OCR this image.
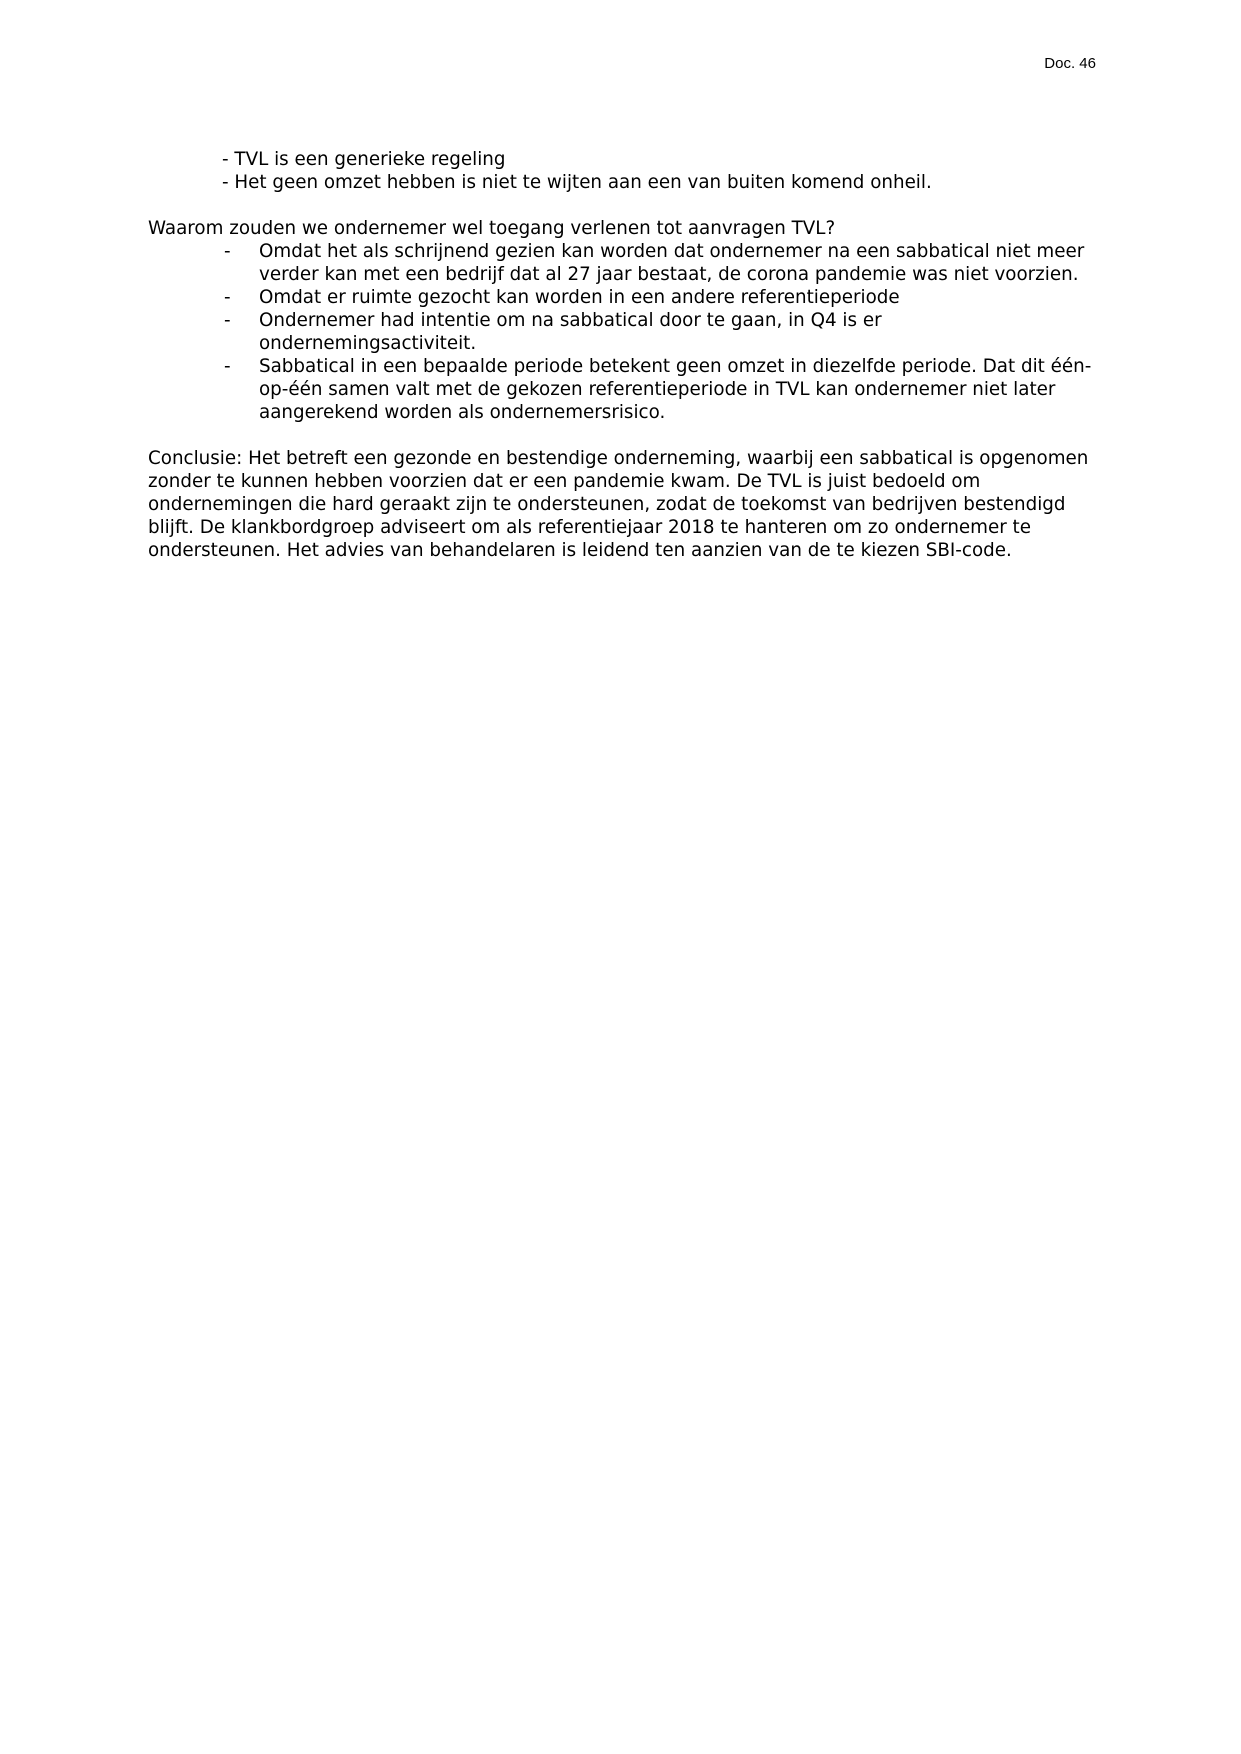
Doc. 46
- TVL is een generieke regeling
- Het geen omzet hebben is niet te wijten aan een van buiten komend onheil.

Waarom zouden we ondernemer wel toegang verlenen tot aanvragen TVL?

-	Omdat het als schrijnend gezien kan worden dat ondernemer na een sabbatical niet meer verder kan met een bedrijf dat al 27 jaar bestaat, de corona pandemie was niet voorzien.
-	Omdat er ruimte gezocht kan worden in een andere referentieperiode
-	Ondernemer had intentie om na sabbatical door te gaan, in Q4 is er ondernemingsactiviteit.
-	Sabbatical in een bepaalde periode betekent geen omzet in diezelfde periode. Dat dit één-op-één samen valt met de gekozen referentieperiode in TVL kan ondernemer niet later aangerekend worden als ondernemersrisico.

Conclusie: Het betreft een gezonde en bestendige onderneming, waarbij een sabbatical is opgenomen zonder te kunnen hebben voorzien dat er een pandemie kwam. De TVL is juist bedoeld om ondernemingen die hard geraakt zijn te ondersteunen, zodat de toekomst van bedrijven bestendigd blijft. De klankbordgroep adviseert om als referentiejaar 2018 te hanteren om zo ondernemer te ondersteunen. Het advies van behandelaren is leidend ten aanzien van de te kiezen SBI-code.
